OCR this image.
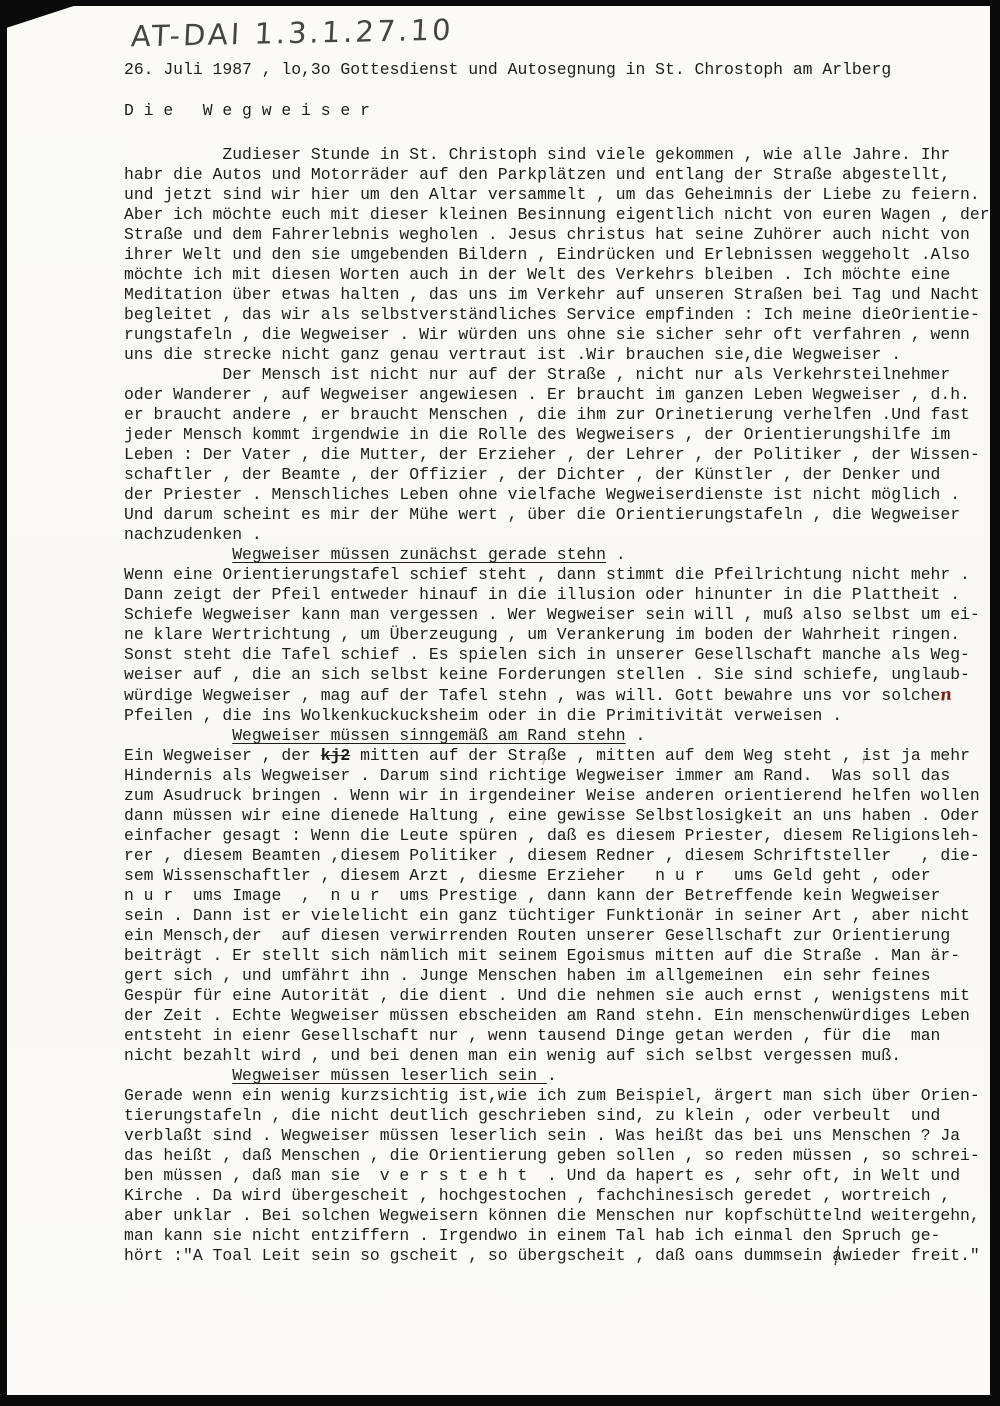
AT-DAI 1.3.1.27.10
26. Juli 1987 , lo,3o Gottesdienst und Autosegnung in St. Chrostoph am Arlberg
D i e   W e g w e i s e r
Zudieser Stunde in St. Christoph sind viele gekommen , wie alle Jahre. Ihr
habr die Autos und Motorräder auf den Parkplätzen und entlang der Straße abgestellt,
und jetzt sind wir hier um den Altar versammelt , um das Geheimnis der Liebe zu feiern.
Aber ich möchte euch mit dieser kleinen Besinnung eigentlich nicht von euren Wagen , der
Straße und dem Fahrerlebnis wegholen . Jesus christus hat seine Zuhörer auch nicht von
ihrer Welt und den sie umgebenden Bildern , Eindrücken und Erlebnissen weggeholt .Also
möchte ich mit diesen Worten auch in der Welt des Verkehrs bleiben . Ich möchte eine
Meditation über etwas halten , das uns im Verkehr auf unseren Straßen bei Tag und Nacht
begleitet , das wir als selbstverständliches Service empfinden : Ich meine dieOrientie-
rungstafeln , die Wegweiser . Wir würden uns ohne sie sicher sehr oft verfahren , wenn
uns die strecke nicht ganz genau vertraut ist .Wir brauchen sie,die Wegweiser .
Der Mensch ist nicht nur auf der Straße , nicht nur als Verkehrsteilnehmer
oder Wanderer , auf Wegweiser angewiesen . Er braucht im ganzen Leben Wegweiser , d.h.
er braucht andere , er braucht Menschen , die ihm zur Orinetierung verhelfen .Und fast
jeder Mensch kommt irgendwie in die Rolle des Wegweisers , der Orientierungshilfe im
Leben : Der Vater , die Mutter, der Erzieher , der Lehrer , der Politiker , der Wissen-
schaftler , der Beamte , der Offizier , der Dichter , der Künstler , der Denker und
der Priester . Menschliches Leben ohne vielfache Wegweiserdienste ist nicht möglich .
Und darum scheint es mir der Mühe wert , über die Orientierungstafeln , die Wegweiser
nachzudenken .
Wegweiser müssen zunächst gerade stehn .
Wenn eine Orientierungstafel schief steht , dann stimmt die Pfeilrichtung nicht mehr .
Dann zeigt der Pfeil entweder hinauf in die illusion oder hinunter in die Plattheit .
Schiefe Wegweiser kann man vergessen . Wer Wegweiser sein will , muß also selbst um ei-
ne klare Wertrichtung , um Überzeugung , um Verankerung im boden der Wahrheit ringen.
Sonst steht die Tafel schief . Es spielen sich in unserer Gesellschaft manche als Weg-
weiser auf , die an sich selbst keine Forderungen stellen . Sie sind schiefe, unglaub-
würdige Wegweiser , mag auf der Tafel stehn , was will. Gott bewahre uns vor solchen
Pfeilen , die ins Wolkenkuckucksheim oder in die Primitivität verweisen .
Wegweiser müssen sinngemäß am Rand stehn .
Ein Wegweiser , der kj2 mitten auf der Straße , mitten auf dem Weg steht , ist ja mehr
Hindernis als Wegweiser . Darum sind richtige Wegweiser immer am Rand.  Was soll das
zum Asudruck bringen . Wenn wir in irgendeiner Weise anderen orientierend helfen wollen
dann müssen wir eine dienede Haltung , eine gewisse Selbstlosigkeit an uns haben . Oder
einfacher gesagt : Wenn die Leute spüren , daß es diesem Priester, diesem Religionsleh-
rer , diesem Beamten ,diesem Politiker , diesem Redner , diesem Schriftsteller   , die-
sem Wissenschaftler , diesem Arzt , diesme Erzieher   n u r   ums Geld geht , oder
n u r  ums Image  ,  n u r  ums Prestige , dann kann der Betreffende kein Wegweiser
sein . Dann ist er vielelicht ein ganz tüchtiger Funktionär in seiner Art , aber nicht
ein Mensch,der  auf diesen verwirrenden Routen unserer Gesellschaft zur Orientierung
beiträgt . Er stellt sich nämlich mit seinem Egoismus mitten auf die Straße . Man är-
gert sich , und umfährt ihn . Junge Menschen haben im allgemeinen  ein sehr feines
Gespür für eine Autorität , die dient . Und die nehmen sie auch ernst , wenigstens mit
der Zeit . Echte Wegweiser müssen ebscheiden am Rand stehn. Ein menschenwürdiges Leben
entsteht in eienr Gesellschaft nur , wenn tausend Dinge getan werden , für die  man
nicht bezahlt wird , und bei denen man ein wenig auf sich selbst vergessen muß.
Wegweiser müssen leserlich sein .
Gerade wenn ein wenig kurzsichtig ist,wie ich zum Beispiel, ärgert man sich über Orien-
tierungstafeln , die nicht deutlich geschrieben sind, zu klein , oder verbeult  und
verblaßt sind . Wegweiser müssen leserlich sein . Was heißt das bei uns Menschen ? Ja
das heißt , daß Menschen , die Orientierung geben sollen , so reden müssen , so schrei-
ben müssen , daß man sie  v e r s t e h t  . Und da hapert es , sehr oft, in Welt und
Kirche . Da wird übergescheit , hochgestochen , fachchinesisch geredet , wortreich ,
aber unklar . Bei solchen Wegweisern können die Menschen nur kopfschüttelnd weitergehn,
man kann sie nicht entziffern . Irgendwo in einem Tal hab ich einmal den Spruch ge-
hört :"A Toal Leit sein so gscheit , so übergscheit , daß oans dummsein awieder freit."
